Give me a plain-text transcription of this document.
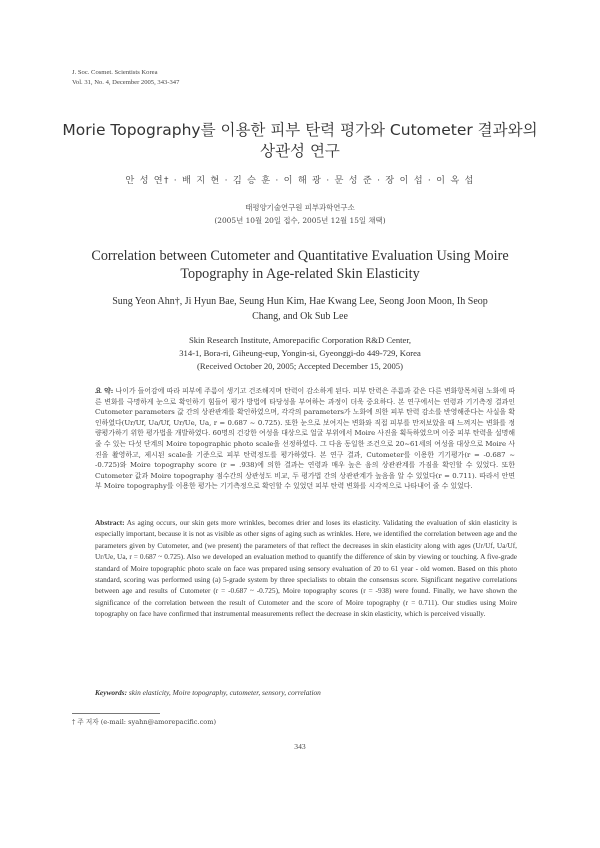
J. Soc. Cosmet. Scientists Korea
Vol. 31, No. 4, December 2005, 343-347
Morie Topography를 이용한 피부 탄력 평가와 Cutometer 결과와의
상관성 연구
안 성 연† · 배 지 현 · 김 승 훈 · 이 해 광 · 문 성 준 · 장 이 섭 · 이 옥 섭
태평양기술연구원 피부과학연구소
(2005년 10월 20일 접수, 2005년 12월 15일 채택)
Correlation between Cutometer and Quantitative Evaluation Using Moire
Topography in Age-related Skin Elasticity
Sung Yeon Ahn†, Ji Hyun Bae, Seung Hun Kim, Hae Kwang Lee, Seong Joon Moon, Ih Seop Chang, and Ok Sub Lee
Skin Research Institute, Amorepacific Corporation R&D Center,
314-1, Bora-ri, Giheung-eup, Yongin-si, Gyeonggi-do 449-729, Korea
(Received October 20, 2005; Accepted December 15, 2005)
요 약: 나이가 들어감에 따라 피부에 주름이 생기고 건조해지며 탄력이 감소하게 된다. 피부 탄력은 주름과 같은 다른 변화항목처럼 노화에 따른 변화를 극명하게 눈으로 확인하기 힘들어 평가 방법에 타당성을 부여하는 과정이 더욱 중요하다. 본 연구에서는 연령과 기기측정 결과인 Cutometer parameters 값 간의 상관관계를 확인하였으며, 각각의 parameters가 노화에 의한 피부 탄력 감소를 반영해준다는 사실을 확인하였다(Ur/Uf, Ua/Uf, Ur/Ue, Ua, r = 0.687 ~ 0.725). 또한 눈으로 보여지는 변화와 직접 피부를 만져보았을 때 느껴지는 변화를 정량평가하기 위한 평가법을 개발하였다. 60명의 건강한 여성을 대상으로 얼굴 부위에서 Moire 사진을 획득하였으며 이중 피부 탄력을 설명해줄 수 있는 다섯 단계의 Moire topographic photo scale을 선정하였다. 그 다음 동일한 조건으로 20~61세의 여성을 대상으로 Moire 사진을 촬영하고, 제시된 scale을 기준으로 피부 탄력정도를 평가하였다. 본 연구 결과, Cutometer를 이용한 기기평가(r = -0.687 ~ -0.725)와 Moire topography score (r = .938)에 의한 결과는 연령과 매우 높은 음의 상관관계를 가짐을 확인할 수 있었다. 또한 Cutometer 값과 Moire topography 점수간의 상관성도 비교, 두 평가법 간의 상관관계가 높음을 알 수 있었다(r = 0.711). 따라서 안면부 Moire topography를 이용한 평가는 기기측정으로 확인할 수 있었던 피부 탄력 변화를 시각적으로 나타내어 줄 수 있었다.
Abstract: As aging occurs, our skin gets more wrinkles, becomes drier and loses its elasticity. Validating the evaluation of skin elasticity is especially important, because it is not as visible as other signs of aging such as wrinkles. Here, we identified the correlation between age and the parameters given by Cutometer, and (we present) the parameters of that reflect the decreases in skin elasticity along with ages (Ur/Uf, Ua/Uf, Ur/Ue, Ua, r = 0.687 ~ 0.725). Also we developed an evaluation method to quantify the difference of skin by viewing or touching. A five-grade standard of Moire topographic photo scale on face was prepared using sensory evaluation of 20 to 61 year - old women. Based on this photo standard, scoring was performed using (a) 5-grade system by three specialists to obtain the consensus score. Significant negative correlations between age and results of Cutometer (r = -0.687 ~ -0.725), Moire topography scores (r = -938) were found. Finally, we have shown the significance of the correlation between the result of Cutometer and the score of Moire topography (r = 0.711). Our studies using Moire topography on face have confirmed that instrumental measurements reflect the decrease in skin elasticity, which is perceived visually.
Keywords: skin elasticity, Moire topography, cutometer, sensory, correlation
† 주 저자 (e-mail: syahn@amorepacific.com)
343
